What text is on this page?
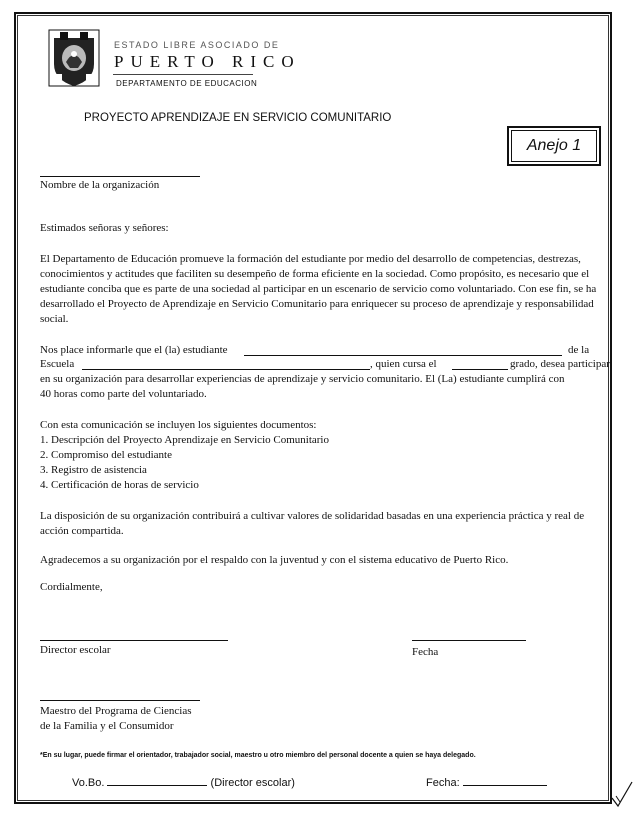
ESTADO LIBRE ASOCIADO DE
PUERTO RICO
DEPARTAMENTO DE EDUCACION
PROYECTO APRENDIZAJE EN SERVICIO COMUNITARIO
Anejo 1
Nombre de la organización
Estimados señoras y señores:
El Departamento de Educación promueve la formación del estudiante por medio del desarrollo de competencias, destrezas, conocimientos y actitudes que faciliten su desempeño de forma eficiente en la sociedad. Como propósito, es necesario que el estudiante conciba que es parte de una sociedad al participar en un escenario de servicio como voluntariado. Con ese fin, se ha desarrollado el Proyecto de Aprendizaje en Servicio Comunitario para enriquecer su proceso de aprendizaje y responsabilidad social.
Nos place informarle que el (la) estudiante	de la
Escuela	, quien cursa el	grado, desea participar
en su organización para desarrollar experiencias de aprendizaje y servicio comunitario. El (La) estudiante cumplirá con
40 horas como parte del voluntariado.
Con esta comunicación se incluyen los siguientes documentos:
1. Descripción del Proyecto Aprendizaje en Servicio Comunitario
2. Compromiso del estudiante
3. Registro de asistencia
4. Certificación de horas de servicio
La disposición de su organización contribuirá a cultivar valores de solidaridad basadas en una experiencia práctica y real de acción compartida.
Agradecemos a su organización por el respaldo con la juventud y con el sistema educativo de Puerto Rico.
Cordialmente,
Director escolar	Fecha
Maestro del Programa de Ciencias
de la Familia y el Consumidor
*En su lugar, puede firmar el orientador, trabajador social, maestro u otro miembro del personal docente a quien se haya delegado.
Vo.Bo.	(Director escolar)	Fecha:
